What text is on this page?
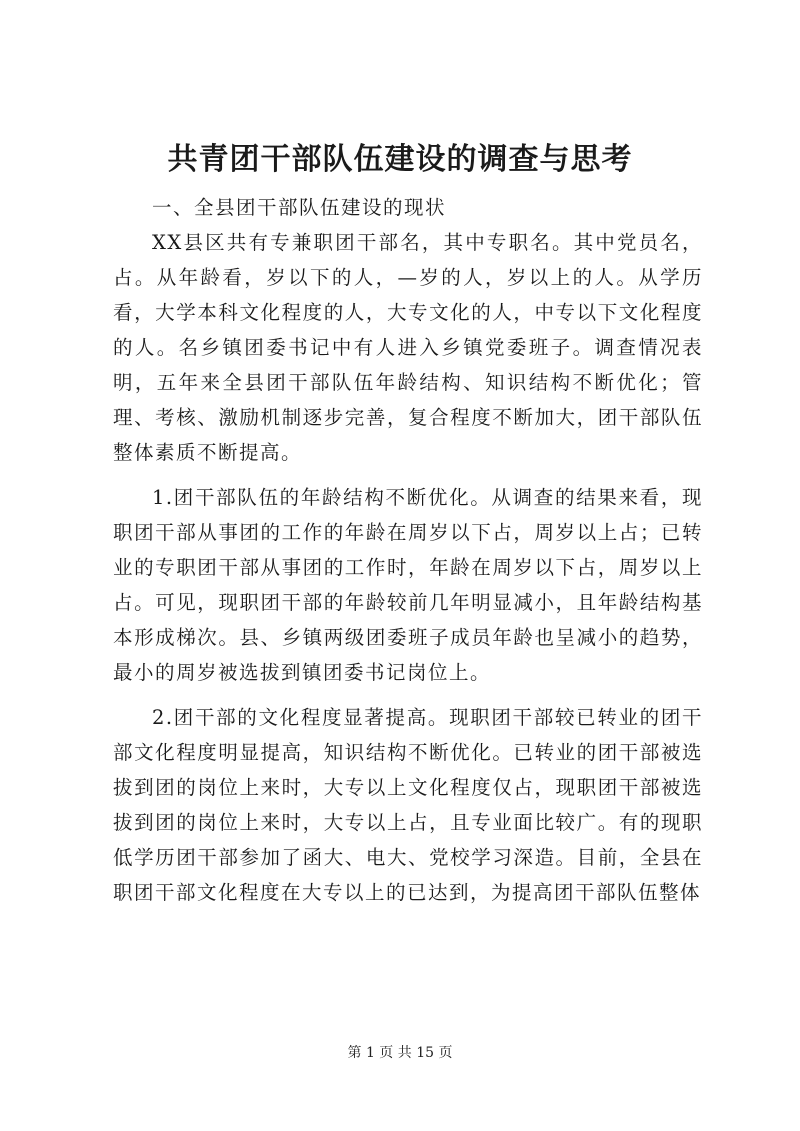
共青团干部队伍建设的调查与思考

一、全县团干部队伍建设的现状

XX县区共有专兼职团干部名，其中专职名。其中党员名，占。从年龄看，岁以下的人，—岁的人，岁以上的人。从学历看，大学本科文化程度的人，大专文化的人，中专以下文化程度的人。名乡镇团委书记中有人进入乡镇党委班子。调查情况表明，五年来全县团干部队伍年龄结构、知识结构不断优化；管理、考核、激励机制逐步完善，复合程度不断加大，团干部队伍整体素质不断提高。

1.团干部队伍的年龄结构不断优化。从调查的结果来看，现职团干部从事团的工作的年龄在周岁以下占，周岁以上占；已转业的专职团干部从事团的工作时，年龄在周岁以下占，周岁以上占。可见，现职团干部的年龄较前几年明显减小，且年龄结构基本形成梯次。县、乡镇两级团委班子成员年龄也呈减小的趋势，最小的周岁被选拔到镇团委书记岗位上。

2.团干部的文化程度显著提高。现职团干部较已转业的团干部文化程度明显提高，知识结构不断优化。已转业的团干部被选拔到团的岗位上来时，大专以上文化程度仅占，现职团干部被选拔到团的岗位上来时，大专以上占，且专业面比较广。有的现职低学历团干部参加了函大、电大、党校学习深造。目前，全县在职团干部文化程度在大专以上的已达到，为提高团干部队伍整体

第 1 页 共 15 页
